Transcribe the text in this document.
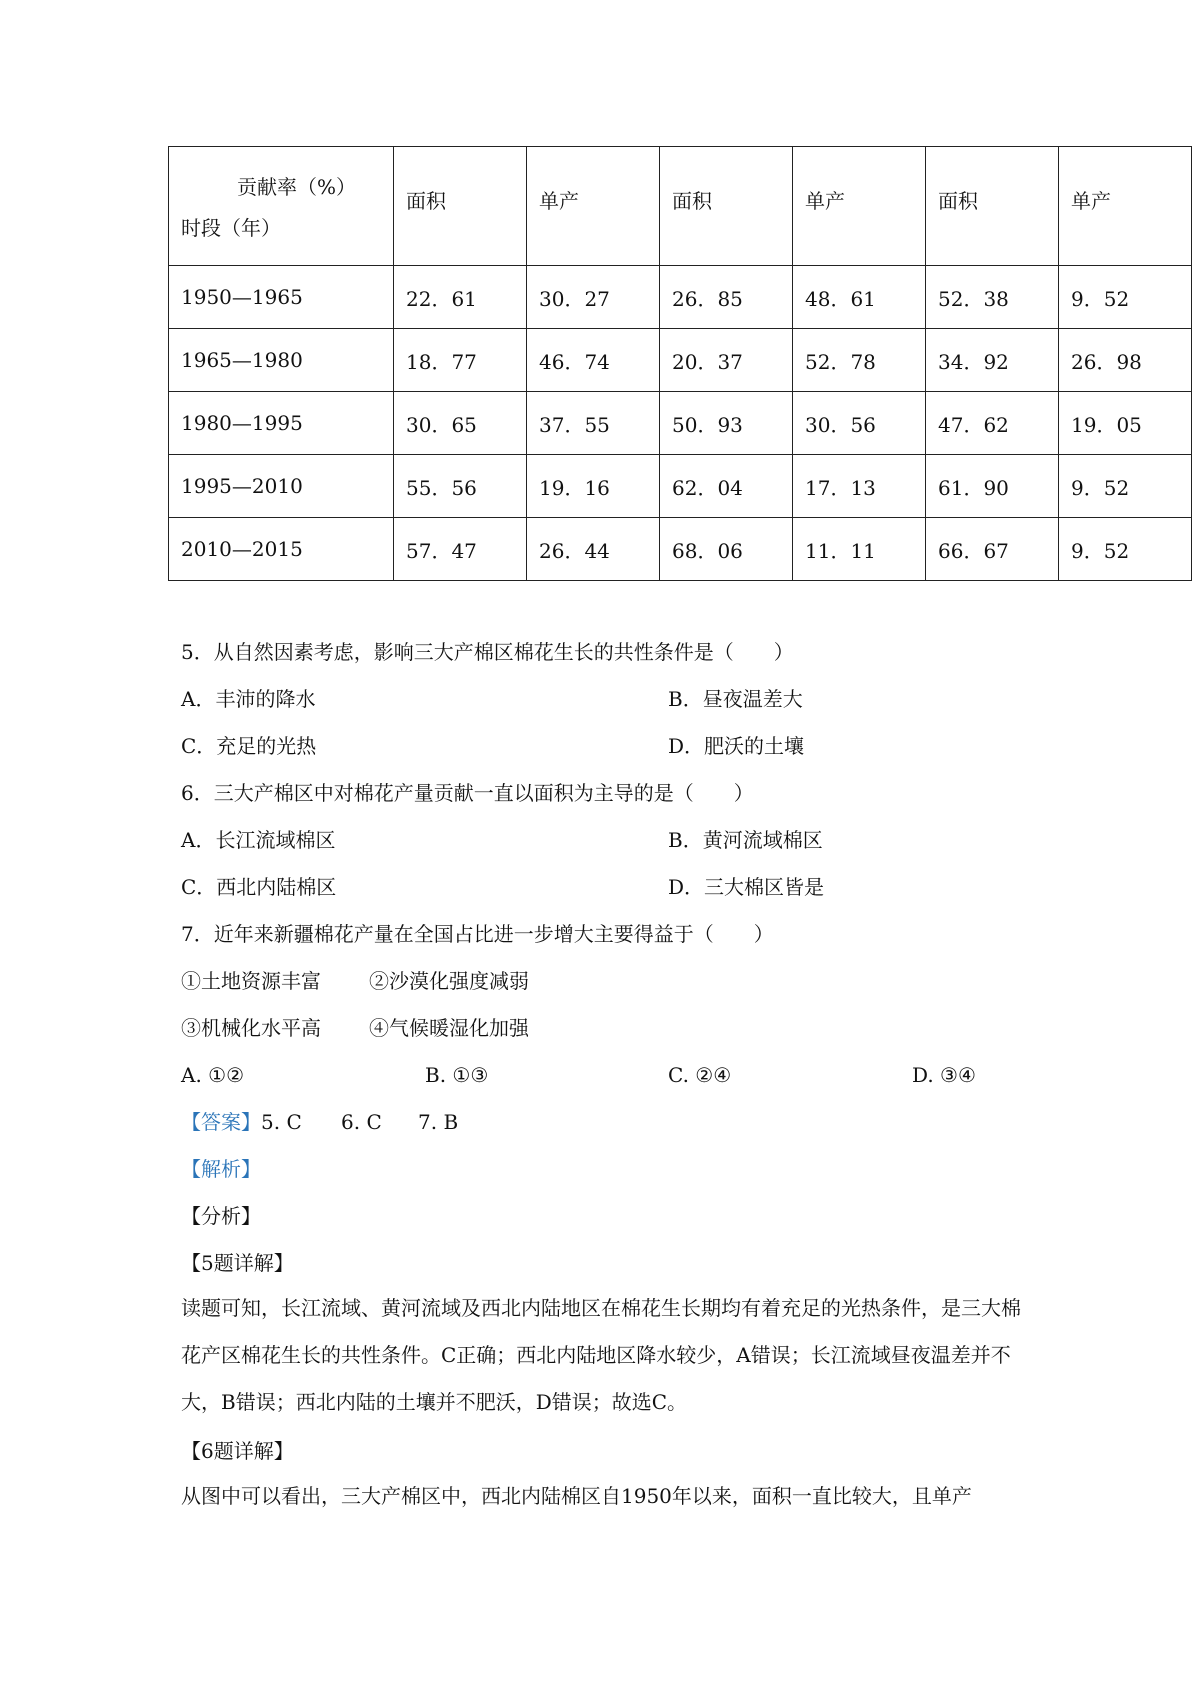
贡献率（%）
时段（年）	面积	单产	面积	单产	面积	单产

1950—1965	22．61	30．27	26．85	48．61	52．38	9．52
1965—1980	18．77	46．74	20．37	52．78	34．92	26．98
1980—1995	30．65	37．55	50．93	30．56	47．62	19．05
1995—2010	55．56	19．16	62．04	17．13	61．90	9．52
2010—2015	57．47	26．44	68．06	11．11	66．67	9．52
5．从自然因素考虑，影响三大产棉区棉花生长的共性条件是（　　）
A．丰沛的降水	B．昼夜温差大
C．充足的光热	D．肥沃的土壤
6．三大产棉区中对棉花产量贡献一直以面积为主导的是（　　）
A．长江流域棉区	B．黄河流域棉区
C．西北内陆棉区	D．三大棉区皆是
7．近年来新疆棉花产量在全国占比进一步增大主要得益于（　　）
①土地资源丰富 ②沙漠化强度减弱
③机械化水平高 ④气候暖湿化加强
A. ①②	B. ①③	C. ②④	D. ③④
【答案】5. C 6. C 7. B
【解析】
【分析】
【5题详解】
读题可知，长江流域、黄河流域及西北内陆地区在棉花生长期均有着充足的光热条件，是三大棉花产区棉花生长的共性条件。C正确；西北内陆地区降水较少，A错误；长江流域昼夜温差并不大，B错误；西北内陆的土壤并不肥沃，D错误；故选C。
【6题详解】
从图中可以看出，三大产棉区中，西北内陆棉区自1950年以来，面积一直比较大，且单产
